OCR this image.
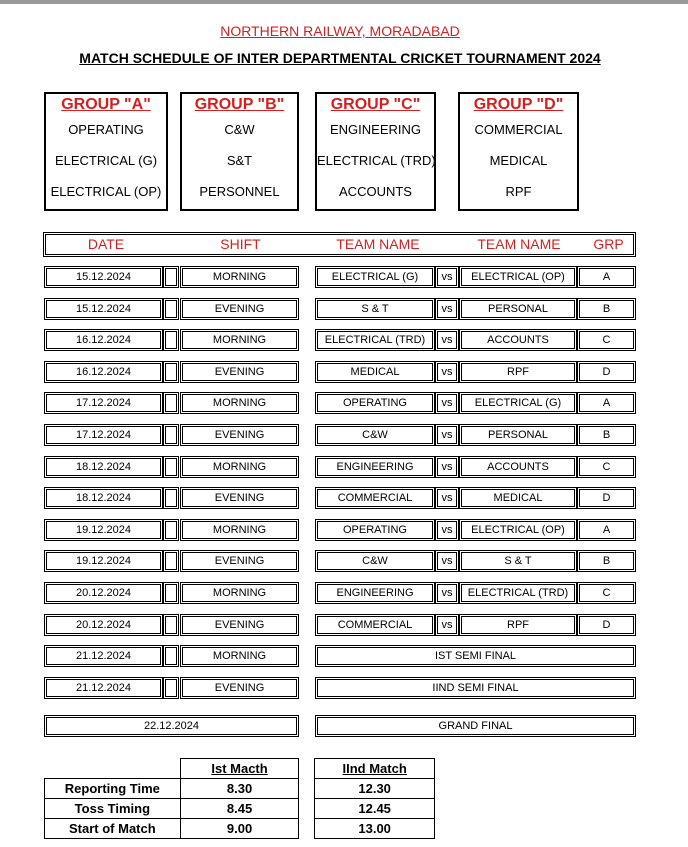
NORTHERN RAILWAY, MORADABAD
MATCH SCHEDULE OF INTER DEPARTMENTAL CRICKET TOURNAMENT 2024
GROUP "A"
OPERATING
ELECTRICAL (G)
ELECTRICAL (OP)
GROUP "B"
C&W
S&T
PERSONNEL
GROUP "C"
ENGINEERING
ELECTRICAL (TRD)
ACCOUNTS
GROUP "D"
COMMERCIAL
MEDICAL
RPF
DATE	SHIFT	TEAM NAME	TEAM NAME	GRP
15.12.2024	MORNING	ELECTRICAL (G)	vs	ELECTRICAL (OP)	A
15.12.2024	EVENING	S & T	vs	PERSONAL	B
16.12.2024	MORNING	ELECTRICAL (TRD)	vs	ACCOUNTS	C
16.12.2024	EVENING	MEDICAL	vs	RPF	D
17.12.2024	MORNING	OPERATING	vs	ELECTRICAL (G)	A
17.12.2024	EVENING	C&W	vs	PERSONAL	B
18.12.2024	MORNING	ENGINEERING	vs	ACCOUNTS	C
18.12.2024	EVENING	COMMERCIAL	vs	MEDICAL	D
19.12.2024	MORNING	OPERATING	vs	ELECTRICAL (OP)	A
19.12.2024	EVENING	C&W	vs	S & T	B
20.12.2024	MORNING	ENGINEERING	vs	ELECTRICAL (TRD)	C
20.12.2024	EVENING	COMMERCIAL	vs	RPF	D
21.12.2024	MORNING	IST SEMI FINAL
21.12.2024	EVENING	IIND SEMI FINAL
22.12.2024	GRAND FINAL
	Ist Macth		IInd Match
Reporting Time	8.30		12.30
Toss Timing	8.45		12.45
Start of Match	9.00		13.00
